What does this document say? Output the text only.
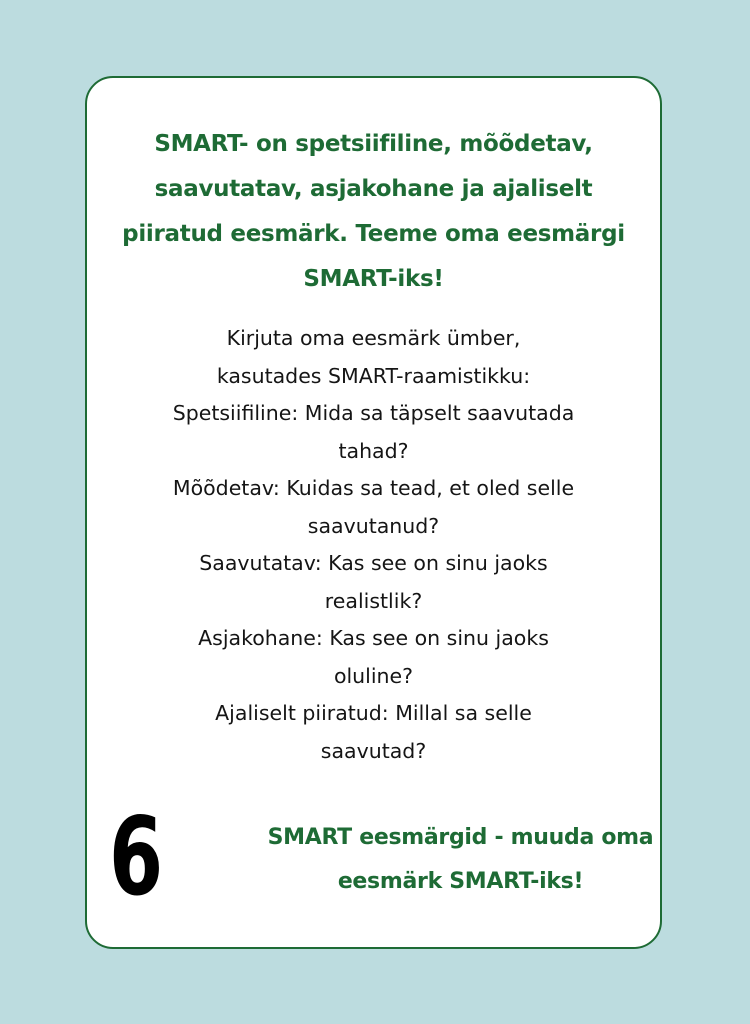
SMART- on spetsiifiline, mõõdetav, saavutatav, asjakohane ja ajaliselt piiratud eesmärk. Teeme oma eesmärgi SMART-iks!
Kirjuta oma eesmärk ümber,
kasutades SMART-raamistikku:
Spetsiifiline: Mida sa täpselt saavutada
tahad?
Mõõdetav: Kuidas sa tead, et oled selle
saavutanud?
Saavutatav: Kas see on sinu jaoks
realistlik?
Asjakohane: Kas see on sinu jaoks
oluline?
Ajaliselt piiratud: Millal sa selle
saavutad?
6	SMART eesmärgid - muuda oma eesmärk SMART-iks!
